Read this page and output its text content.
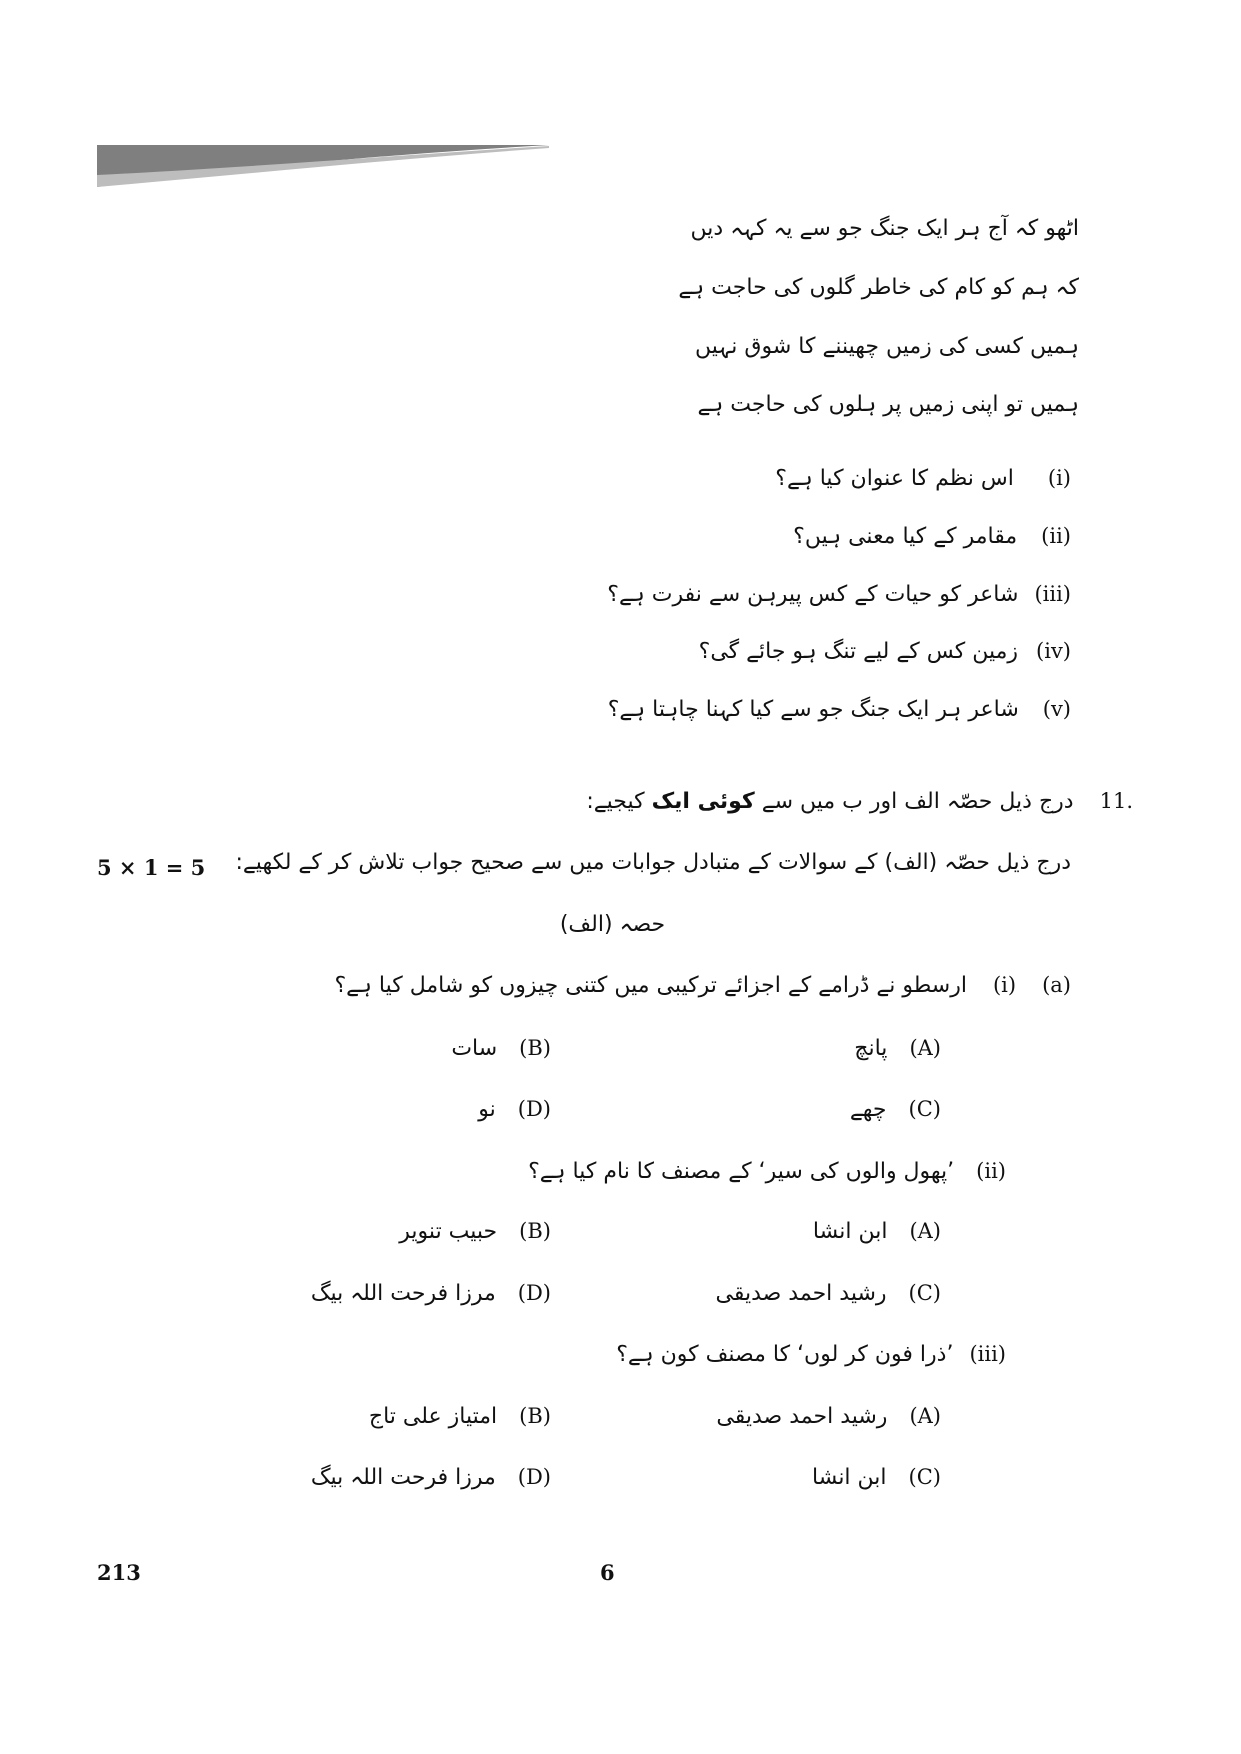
اٹھو کہ آج ہر ایک جنگ جو سے یہ کہہ دیں
کہ ہم کو کام کی خاطر گلوں کی حاجت ہے
ہمیں کسی کی زمیں چھیننے کا شوق نہیں
ہمیں تو اپنی زمیں پر ہلوں کی حاجت ہے
(i)
اس نظم کا عنوان کیا ہے؟
(ii)
مقامر کے کیا معنی ہیں؟
(iii)
شاعر کو حیات کے کس پیرہن سے نفرت ہے؟
(iv)
زمین کس کے لیے تنگ ہو جائے گی؟
(v)
شاعر ہر ایک جنگ جو سے کیا کہنا چاہتا ہے؟
11.
درج ذیل حصّہ الف اور ب میں سے کوئی ایک کیجیے:
5 × 1 = 5 درج ذیل حصّہ (الف) کے سوالات کے متبادل جوابات میں سے صحیح جواب تلاش کر کے لکھیے:
حصہ (الف)
(a)
(i)
ارسطو نے ڈرامے کے اجزائے ترکیبی میں کتنی چیزوں کو شامل کیا ہے؟
(A)
پانچ
(B)
سات
(C)
چھے
(D)
نو
(ii)
’پھول والوں کی سیر‘ کے مصنف کا نام کیا ہے؟
(A)
ابن انشا
(B)
حبیب تنویر
(C)
رشید احمد صدیقی
(D)
مرزا فرحت اللہ بیگ
(iii)
’ذرا فون کر لوں‘ کا مصنف کون ہے؟
(A)
رشید احمد صدیقی
(B)
امتیاز علی تاج
(C)
ابن انشا
(D)
مرزا فرحت اللہ بیگ
213	6
